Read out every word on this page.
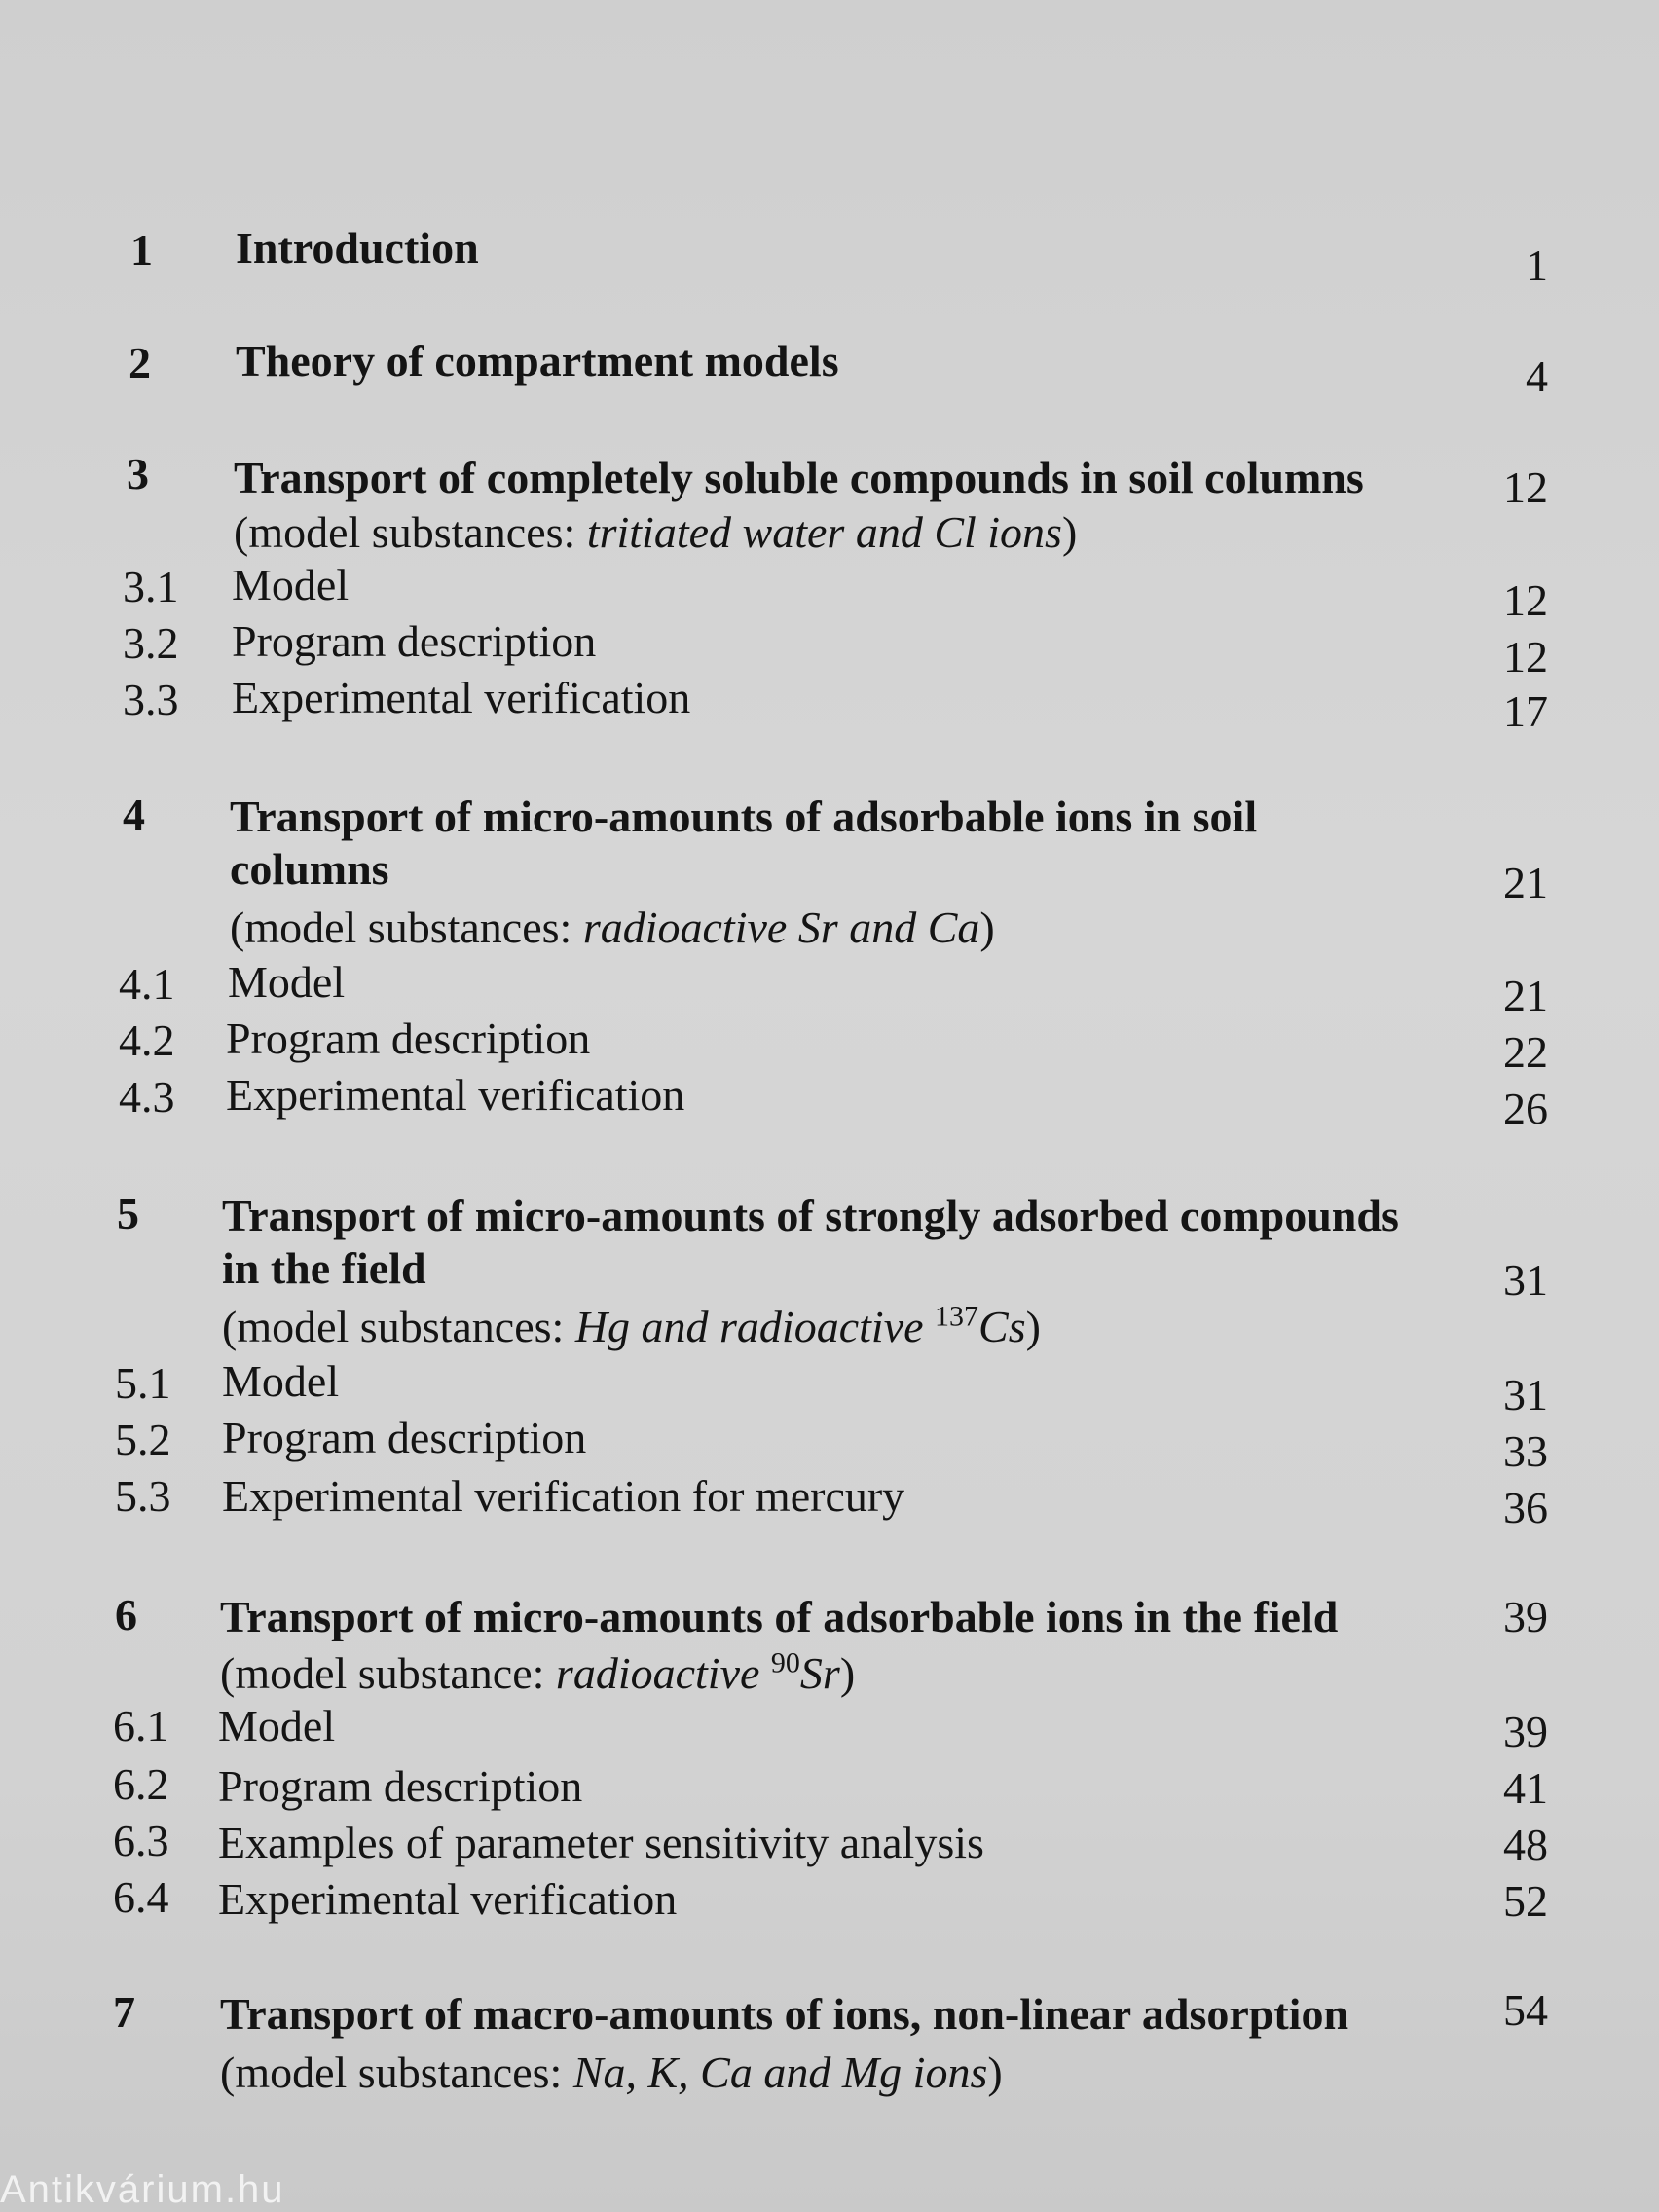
1 Introduction	1
2 Theory of compartment models	4
3 Transport of completely soluble compounds in soil columns	12
(model substances: tritiated water and Cl ions)
3.1 Model	12
3.2 Program description	12
3.3 Experimental verification	17
4 Transport of micro-amounts of adsorbable ions in soil
columns	21
(model substances: radioactive Sr and Ca)
4.1 Model	21
4.2 Program description	22
4.3 Experimental verification	26
5 Transport of micro-amounts of strongly adsorbed compounds
in the field	31
(model substances: Hg and radioactive $^{137}$Cs)
5.1 Model	31
5.2 Program description	33
5.3 Experimental verification for mercury	36
6 Transport of micro-amounts of adsorbable ions in the field	39
(model substance: radioactive $^{90}$Sr)
6.1 Model	39
6.2 Program description	41
6.3 Examples of parameter sensitivity analysis	48
6.4 Experimental verification	52
7 Transport of macro-amounts of ions, non-linear adsorption	54
(model substances: Na, K, Ca and Mg ions)
Antikvárium.hu
